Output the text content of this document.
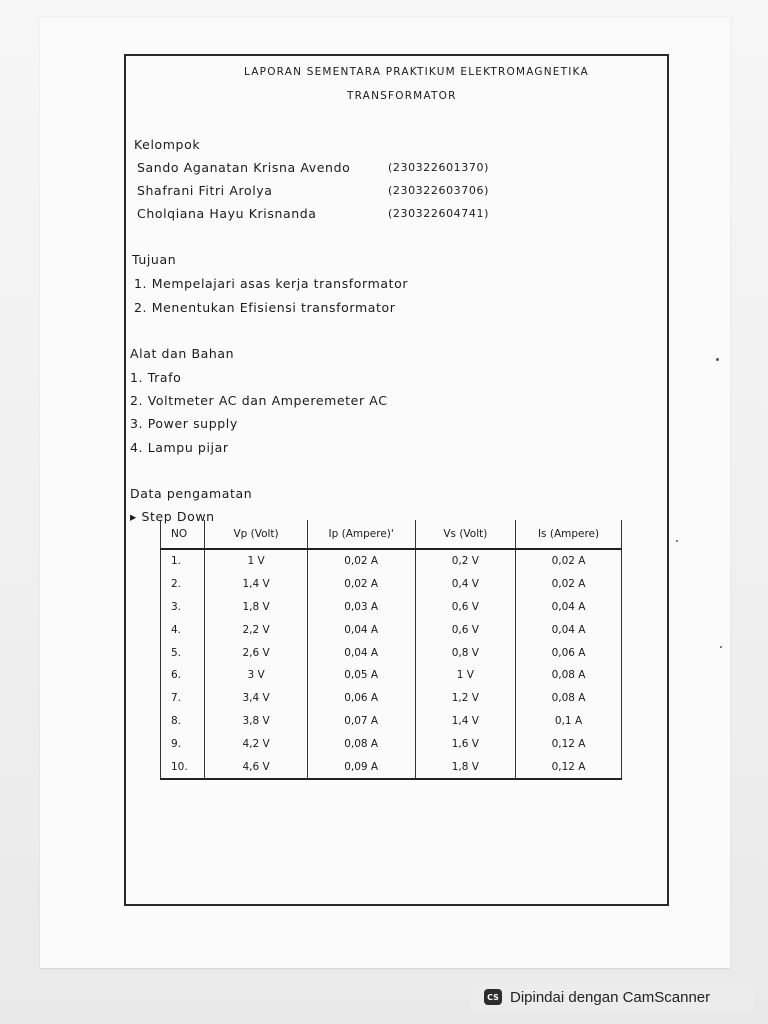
LAPORAN SEMENTARA PRAKTIKUM ELEKTROMAGNETIKA
TRANSFORMATOR
Kelompok
Sando Aganatan Krisna Avendo	(230322601370)
Shafrani Fitri Arolya	(230322603706)
Cholqiana Hayu Krisnanda	(230322604741)
Tujuan
1. Mempelajari asas kerja transformator
2. Menentukan Efisiensi transformator
Alat dan Bahan
1. Trafo
2. Voltmeter AC dan Amperemeter AC
3. Power supply
4. Lampu pijar
Data pengamatan
▸ Step Down
NO	Vp (Volt)	Ip (Ampere)'	Vs (Volt)	Is (Ampere)
1.	1 V	0,02 A	0,2 V	0,02 A
2.	1,4 V	0,02 A	0,4 V	0,02 A
3.	1,8 V	0,03 A	0,6 V	0,04 A
4.	2,2 V	0,04 A	0,6 V	0,04 A
5.	2,6 V	0,04 A	0,8 V	0,06 A
6.	3 V	0,05 A	1 V	0,08 A
7.	3,4 V	0,06 A	1,2 V	0,08 A
8.	3,8 V	0,07 A	1,4 V	0,1 A
9.	4,2 V	0,08 A	1,6 V	0,12 A
10.	4,6 V	0,09 A	1,8 V	0,12 A
CS Dipindai dengan CamScanner
